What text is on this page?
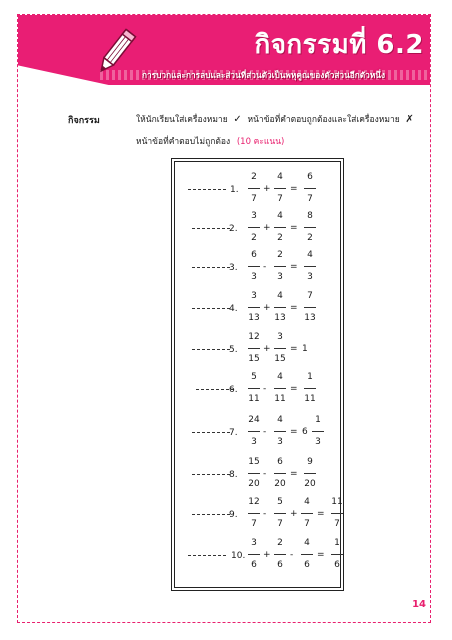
กิจกรรมที่ 6.2
การบวกและการลบและส่วนที่ส่วนตัวเป็นพหุคูณของตัวส่วนอีกตัวหนึ่ง
กิจกรรม	ให้นักเรียนใส่เครื่องหมาย ✓ หน้าข้อที่คำตอบถูกต้องและใส่เครื่องหมาย ✗
หน้าข้อที่คำตอบไม่ถูกต้อง (10 คะแนน)
1.
2
7
+
4
7
=
6
7
2.
3
2
+
4
2
=
8
2
3.
6
3
-
2
3
=
4
3
4.
3
13
+
4
13
=
7
13
5.
12
15
+
3
15
= 1
6.
5
11
-
4
11
=
1
11
7.
24
3
-
4
3
= 6
1
3
8.
15
20
-
6
20
=
9
20
9.
12
7
-
5
7
+
4
7
=
11
7
10.
3
6
+
2
6
-
4
6
=
1
6
14
